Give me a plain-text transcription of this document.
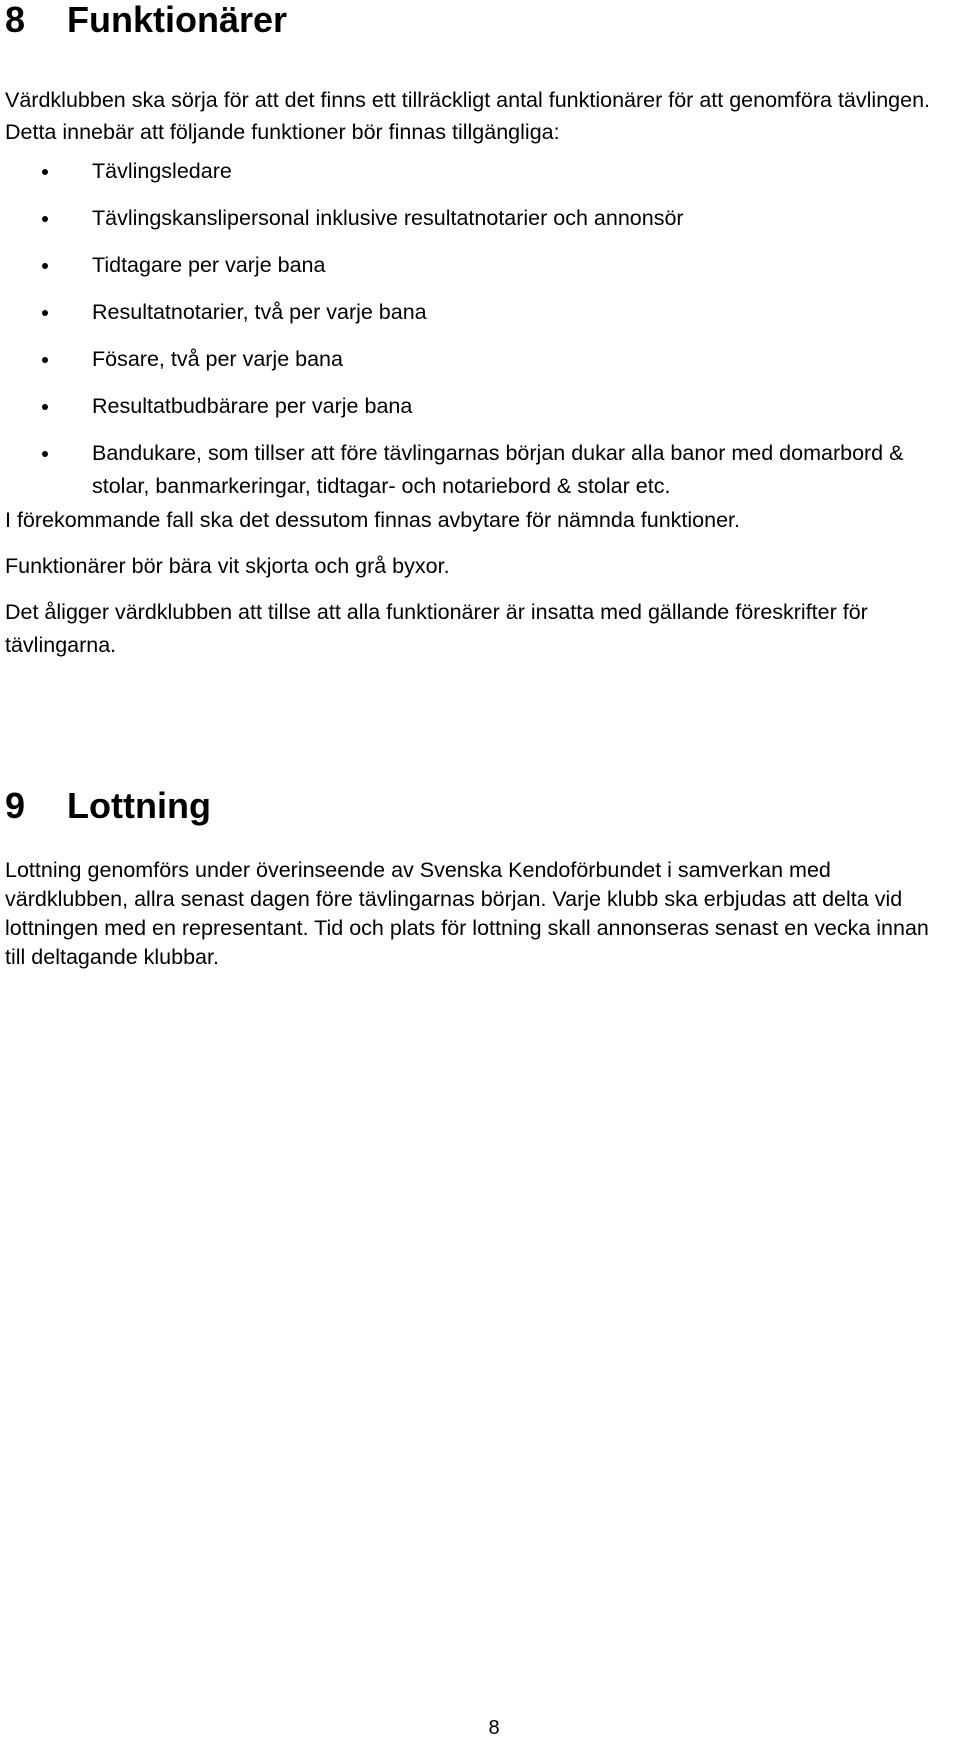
8 Funktionärer

Värdklubben ska sörja för att det finns ett tillräckligt antal funktionärer för att genomföra tävlingen. Detta innebär att följande funktioner bör finnas tillgängliga:

Tävlingsledare
Tävlingskanslipersonal inklusive resultatnotarier och annonsör
Tidtagare per varje bana
Resultatnotarier, två per varje bana
Fösare, två per varje bana
Resultatbudbärare per varje bana
Bandukare, som tillser att före tävlingarnas början dukar alla banor med domarbord & stolar, banmarkeringar, tidtagar- och notariebord & stolar etc.

I förekommande fall ska det dessutom finnas avbytare för nämnda funktioner.

Funktionärer bör bära vit skjorta och grå byxor.

Det åligger värdklubben att tillse att alla funktionärer är insatta med gällande föreskrifter för tävlingarna.

9 Lottning

Lottning genomförs under överinseende av Svenska Kendoförbundet i samverkan med värdklubben, allra senast dagen före tävlingarnas början. Varje klubb ska erbjudas att delta vid lottningen med en representant. Tid och plats för lottning skall annonseras senast en vecka innan till deltagande klubbar.

8
